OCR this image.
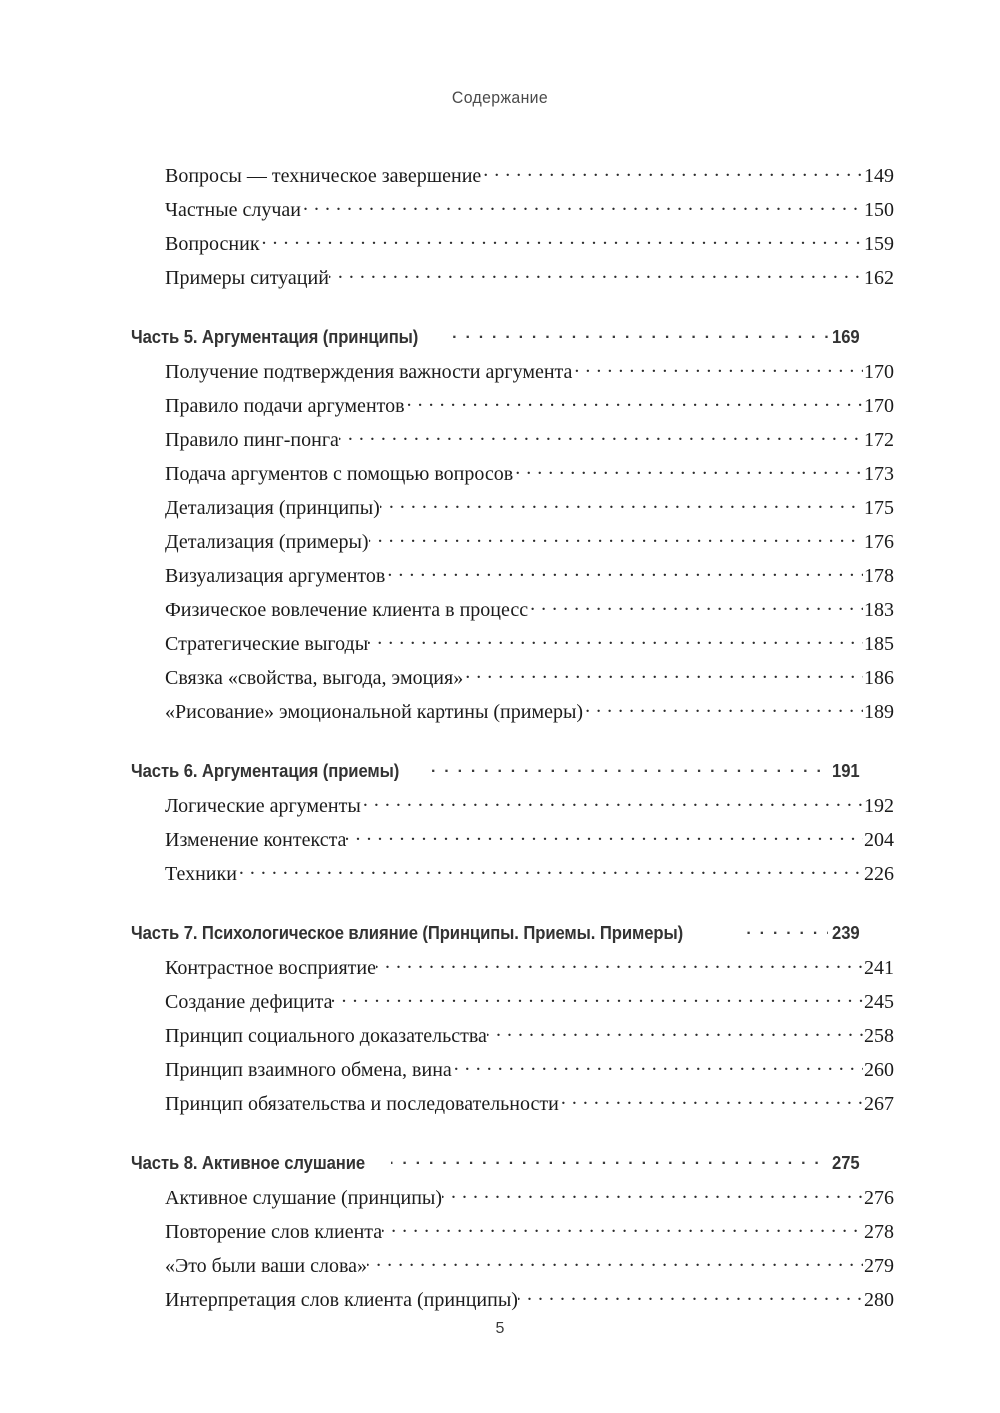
Содержание
Вопросы — техническое завершение . . .	149
Частные случаи . . .	150
Вопросник . . .	159
Примеры ситуаций . . .	162
Часть 5. Аргументация (принципы) . . .	169
Получение подтверждения важности аргумента . . .	170
Правило подачи аргументов . . .	170
Правило пинг-понга . . .	172
Подача аргументов с помощью вопросов . . .	173
Детализация (принципы) . . .	175
Детализация (примеры) . . .	176
Визуализация аргументов . . .	178
Физическое вовлечение клиента в процесс . . .	183
Стратегические выгоды . . .	185
Связка «свойства, выгода, эмоция» . . .	186
«Рисование» эмоциональной картины (примеры) . . .	189
Часть 6. Аргументация (приемы) . . .	191
Логические аргументы . . .	192
Изменение контекста . . .	204
Техники . . .	226
Часть 7. Психологическое влияние (Принципы. Приемы. Примеры) . . .	239
Контрастное восприятие . . .	241
Создание дефицита . . .	245
Принцип социального доказательства . . .	258
Принцип взаимного обмена, вина . . .	260
Принцип обязательства и последовательности . . .	267
Часть 8. Активное слушание . . .	275
Активное слушание (принципы) . . .	276
Повторение слов клиента . . .	278
«Это были ваши слова» . . .	279
Интерпретация слов клиента (принципы) . . .	280
5
